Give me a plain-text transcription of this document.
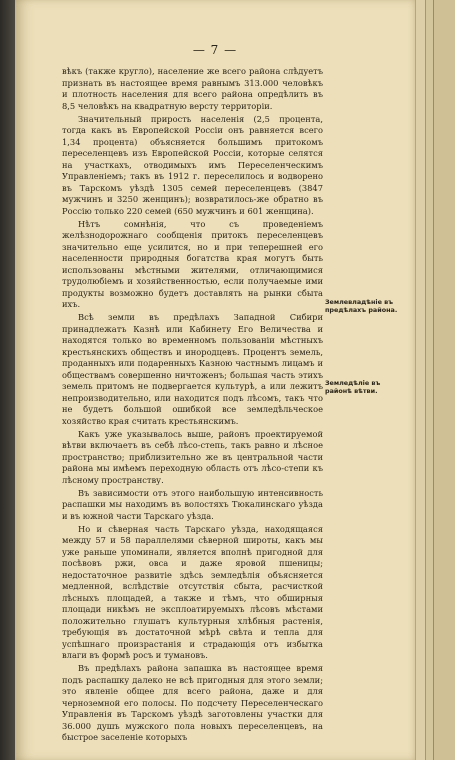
— 7 —

вѣкъ (также кругло), население же всего района слѣдуетъ признать въ настоящее время равнымъ 313.000 человѣкъ и плотность населения для всего района опредѣлить въ 8,5 человѣкъ на квадратную версту территоріи.

Значительный прирость населенія (2,5 процента, тогда какъ въ Европейской Россіи онъ равняется всего 1,34 процента) объясняется большимъ притокомъ переселенцевъ изъ Европейской Россіи, которые селятся на участкахъ, отводимыхъ имъ Переселенческимъ Управленіемъ; такъ въ 1912 г. переселилось и водворено въ Тарскомъ уѣздѣ 1305 семей переселенцевъ (3847 мужчинъ и 3250 женщинъ); возвратилось-же обратно въ Россію только 220 семей (650 мужчинъ и 601 женщина).

Нѣтъ сомнѣнія, что съ проведеніемъ желѣзнодорожнаго сообщенія притокъ переселенцевъ значительно еще усилится, но и при теперешней его населенности природныя богатства края могутъ быть использованы мѣстными жителями, отличающимися трудолюбіемъ и хозяйственностью, если получаемые ими продукты возможно будетъ доставлять на рынки сбыта ихъ.

Всѣ земли въ предѣлахъ Западной Сибири принадлежатъ Казнѣ или Кабинету Его Величества и находятся только во временномъ пользованіи мѣстныхъ крестьянскихъ обществъ и инородцевъ. Процентъ земель, проданныхъ или подаренныхъ Казною частнымъ лицамъ и обществамъ совершенно ничтоженъ; большая часть этихъ земель притомъ не подвергается культурѣ, а или лежитъ непроизводительно, или находится подъ лѣсомъ, такъ что не будетъ большой ошибкой все земледѣльческое хозяйство края считать крестьянскимъ.

Какъ уже указывалось выше, районъ проектируемой вѣтви включаетъ въ себѣ лѣсо-степь, такъ равно и лѣсное пространство; приблизительно же въ центральной части района мы имѣемъ переходную область отъ лѣсо-степи къ лѣсному пространству.

Въ зависимости отъ этого наибольшую интенсивность распашки мы находимъ въ волостяхъ Тюкалинскаго уѣзда и въ южной части Тарскаго уѣзда.

Но и сѣверная часть Тарскаго уѣзда, находящаяся между 57 и 58 параллелями сѣверной широты, какъ мы уже раньше упоминали, является вполнѣ пригодной для посѣвовъ ржи, овса и даже яровой пшеницы; недостаточное развитіе здѣсь земледѣлія объясняется медленной, вслѣдствіе отсутствія сбыта, расчисткой лѣсныхъ площадей, а также и тѣмъ, что обширныя площади никѣмъ не эксплоатируемыхъ лѣсовъ мѣстами положительно глушатъ культурныя хлѣбныя растенія, требующія въ достаточной мѣрѣ свѣта и тепла для успѣшнаго произрастанія и страдающія отъ избытка влаги въ формѣ росъ и тумановъ.

Въ предѣлахъ района запашка въ настоящее время подъ распашку далеко не всѣ пригодныя для этого земли; это явленіе общее для всего района, даже и для черноземной его полосы. По подсчету Переселенческаго Управленія въ Тарскомъ уѣздѣ заготовлены участки для 36.000 душъ мужского пола новыхъ переселенцевъ, на быстрое заселеніе которыхъ

Землевладѣніе въ предѣлахъ района.
Земледѣліе въ районѣ вѣтви.
